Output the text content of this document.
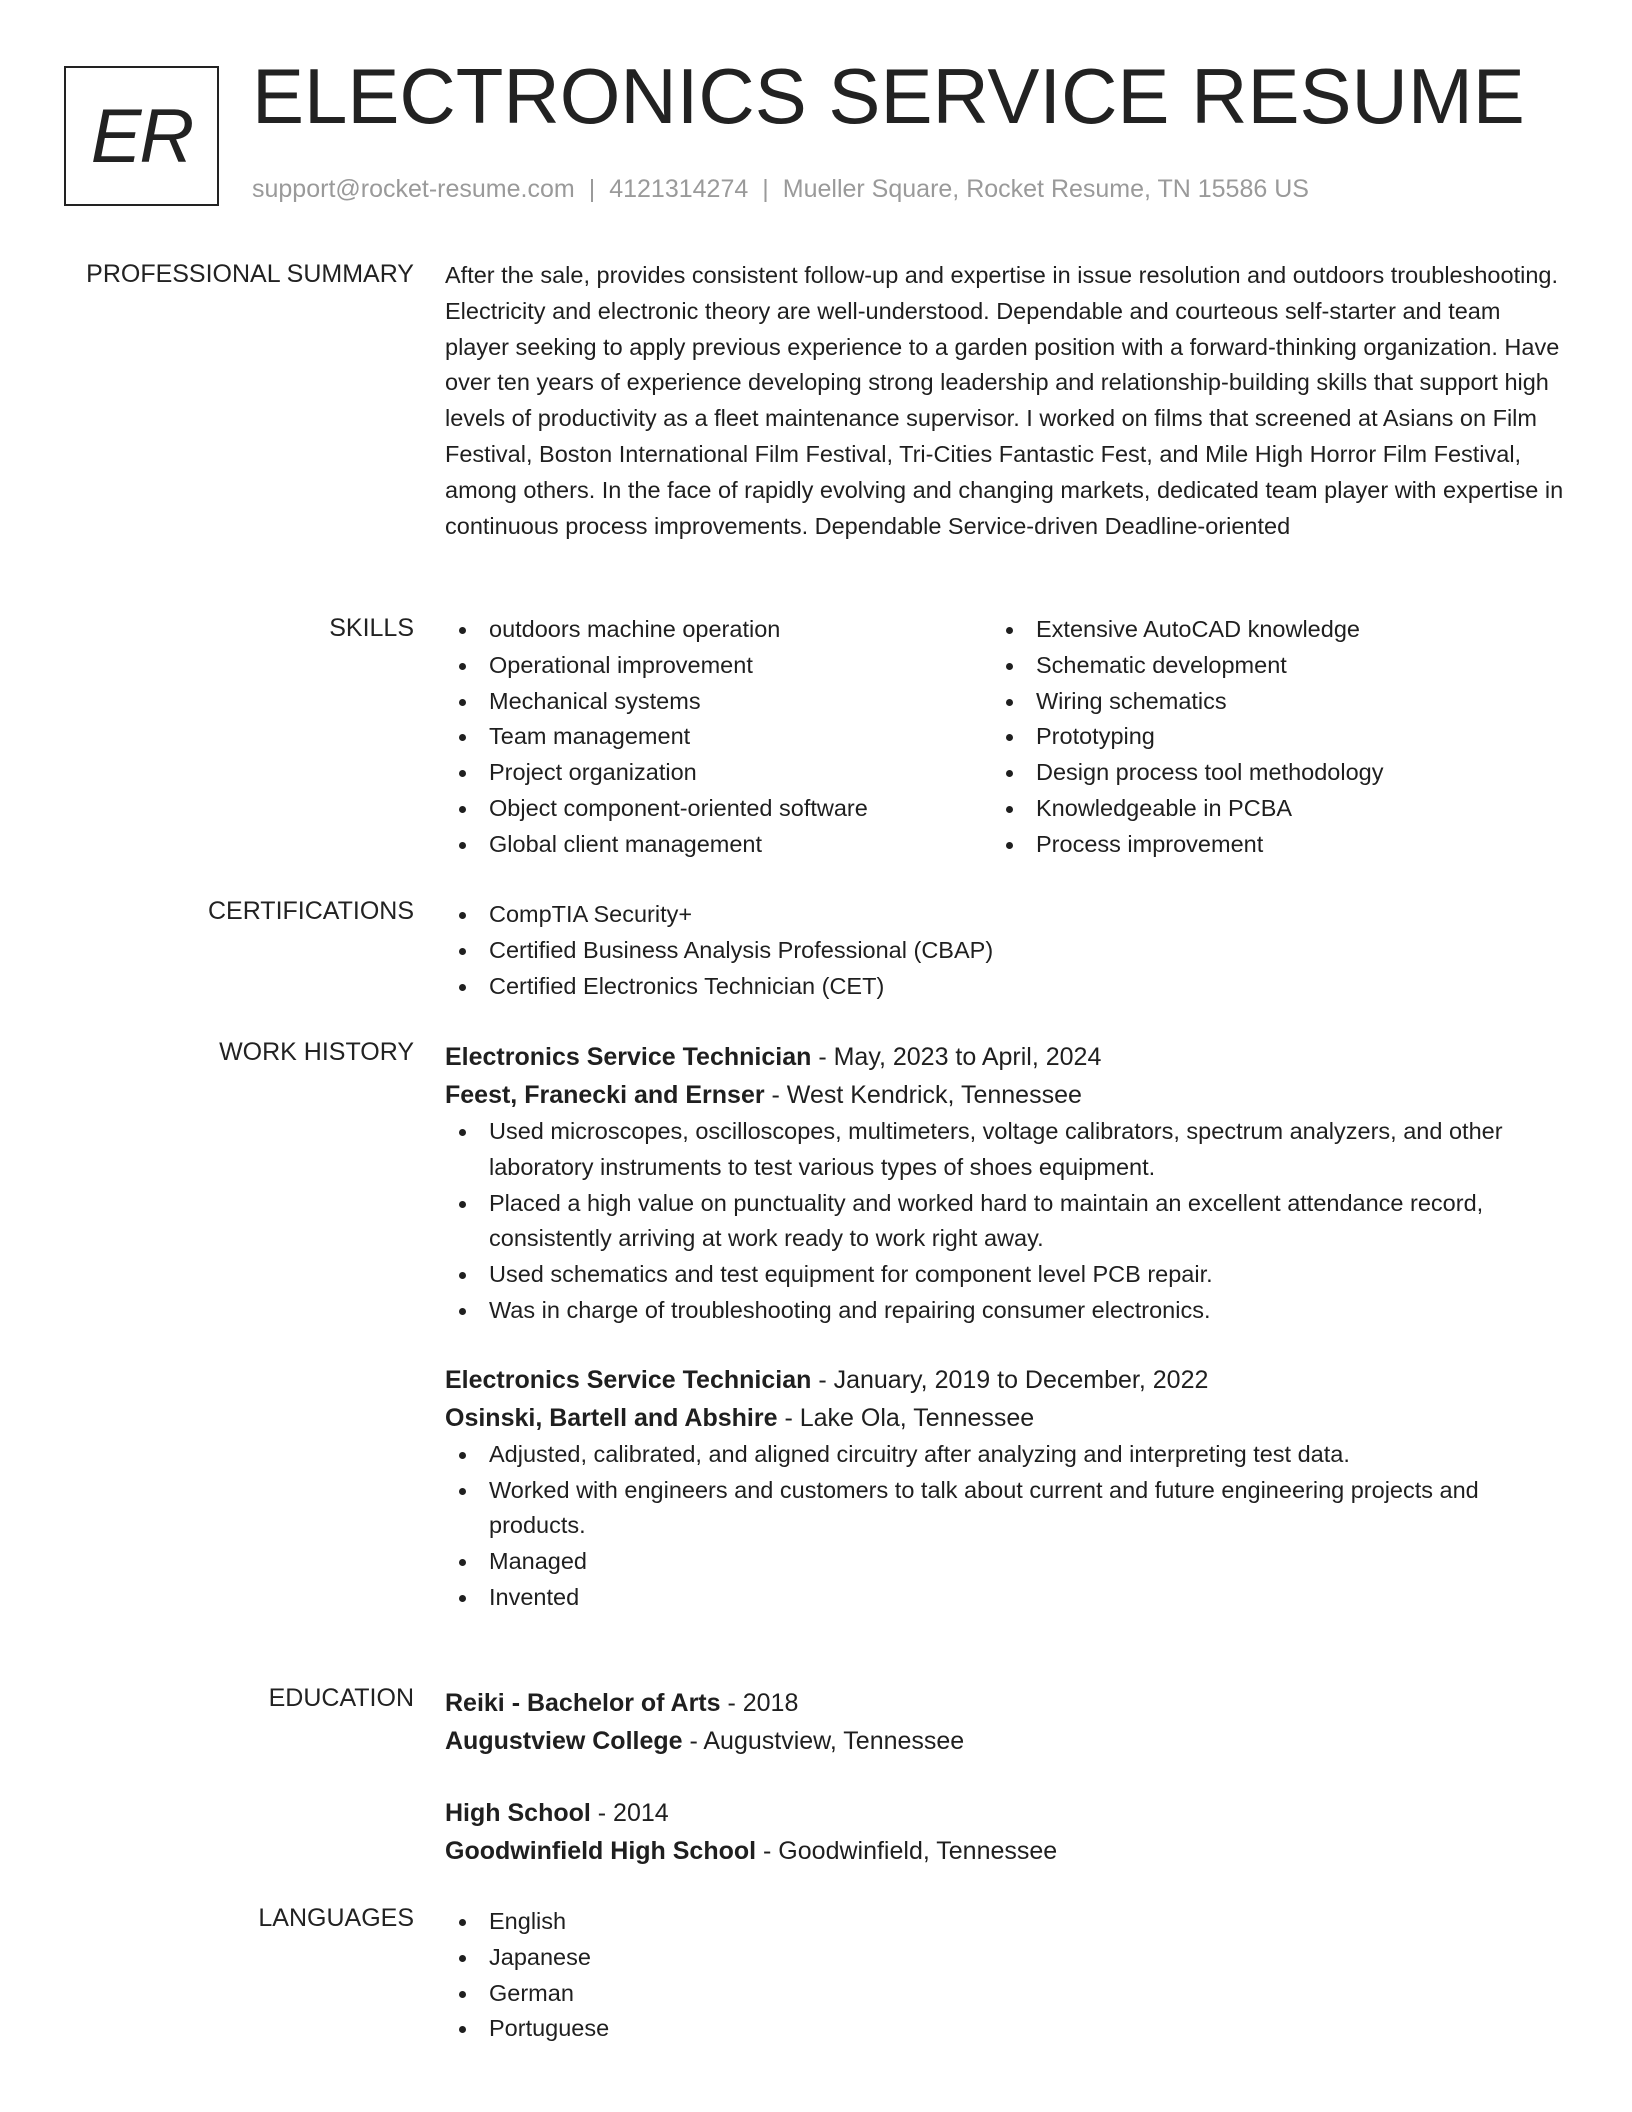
ER ELECTRONICS SERVICE RESUME
support@rocket-resume.com | 4121314274 | Mueller Square, Rocket Resume, TN 15586 US
PROFESSIONAL SUMMARY After the sale, provides consistent follow-up and expertise in issue resolution and outdoors troubleshooting. Electricity and electronic theory are well-understood. Dependable and courteous self-starter and team player seeking to apply previous experience to a garden position with a forward-thinking organization. Have over ten years of experience developing strong leadership and relationship-building skills that support high levels of productivity as a fleet maintenance supervisor. I worked on films that screened at Asians on Film Festival, Boston International Film Festival, Tri-Cities Fantastic Fest, and Mile High Horror Film Festival, among others. In the face of rapidly evolving and changing markets, dedicated team player with expertise in continuous process improvements. Dependable Service-driven Deadline-oriented
SKILLS	outdoors machine operation
Operational improvement
Mechanical systems
Team management
Project organization
Object component-oriented software
Global client management
Extensive AutoCAD knowledge
Schematic development
Wiring schematics
Prototyping
Design process tool methodology
Knowledgeable in PCBA
Process improvement
CERTIFICATIONS	CompTIA Security+
Certified Business Analysis Professional (CBAP)
Certified Electronics Technician (CET)
WORK HISTORY Electronics Service Technician - May, 2023 to April, 2024
Feest, Franecki and Ernser - West Kendrick, Tennessee
Used microscopes, oscilloscopes, multimeters, voltage calibrators, spectrum analyzers, and other laboratory instruments to test various types of shoes equipment.
Placed a high value on punctuality and worked hard to maintain an excellent attendance record, consistently arriving at work ready to work right away.
Used schematics and test equipment for component level PCB repair.
Was in charge of troubleshooting and repairing consumer electronics.
Electronics Service Technician - January, 2019 to December, 2022
Osinski, Bartell and Abshire - Lake Ola, Tennessee
Adjusted, calibrated, and aligned circuitry after analyzing and interpreting test data.
Worked with engineers and customers to talk about current and future engineering projects and products.
Managed
Invented
EDUCATION Reiki - Bachelor of Arts - 2018
Augustview College - Augustview, Tennessee
High School - 2014
Goodwinfield High School - Goodwinfield, Tennessee
LANGUAGES	English
Japanese
German
Portuguese
